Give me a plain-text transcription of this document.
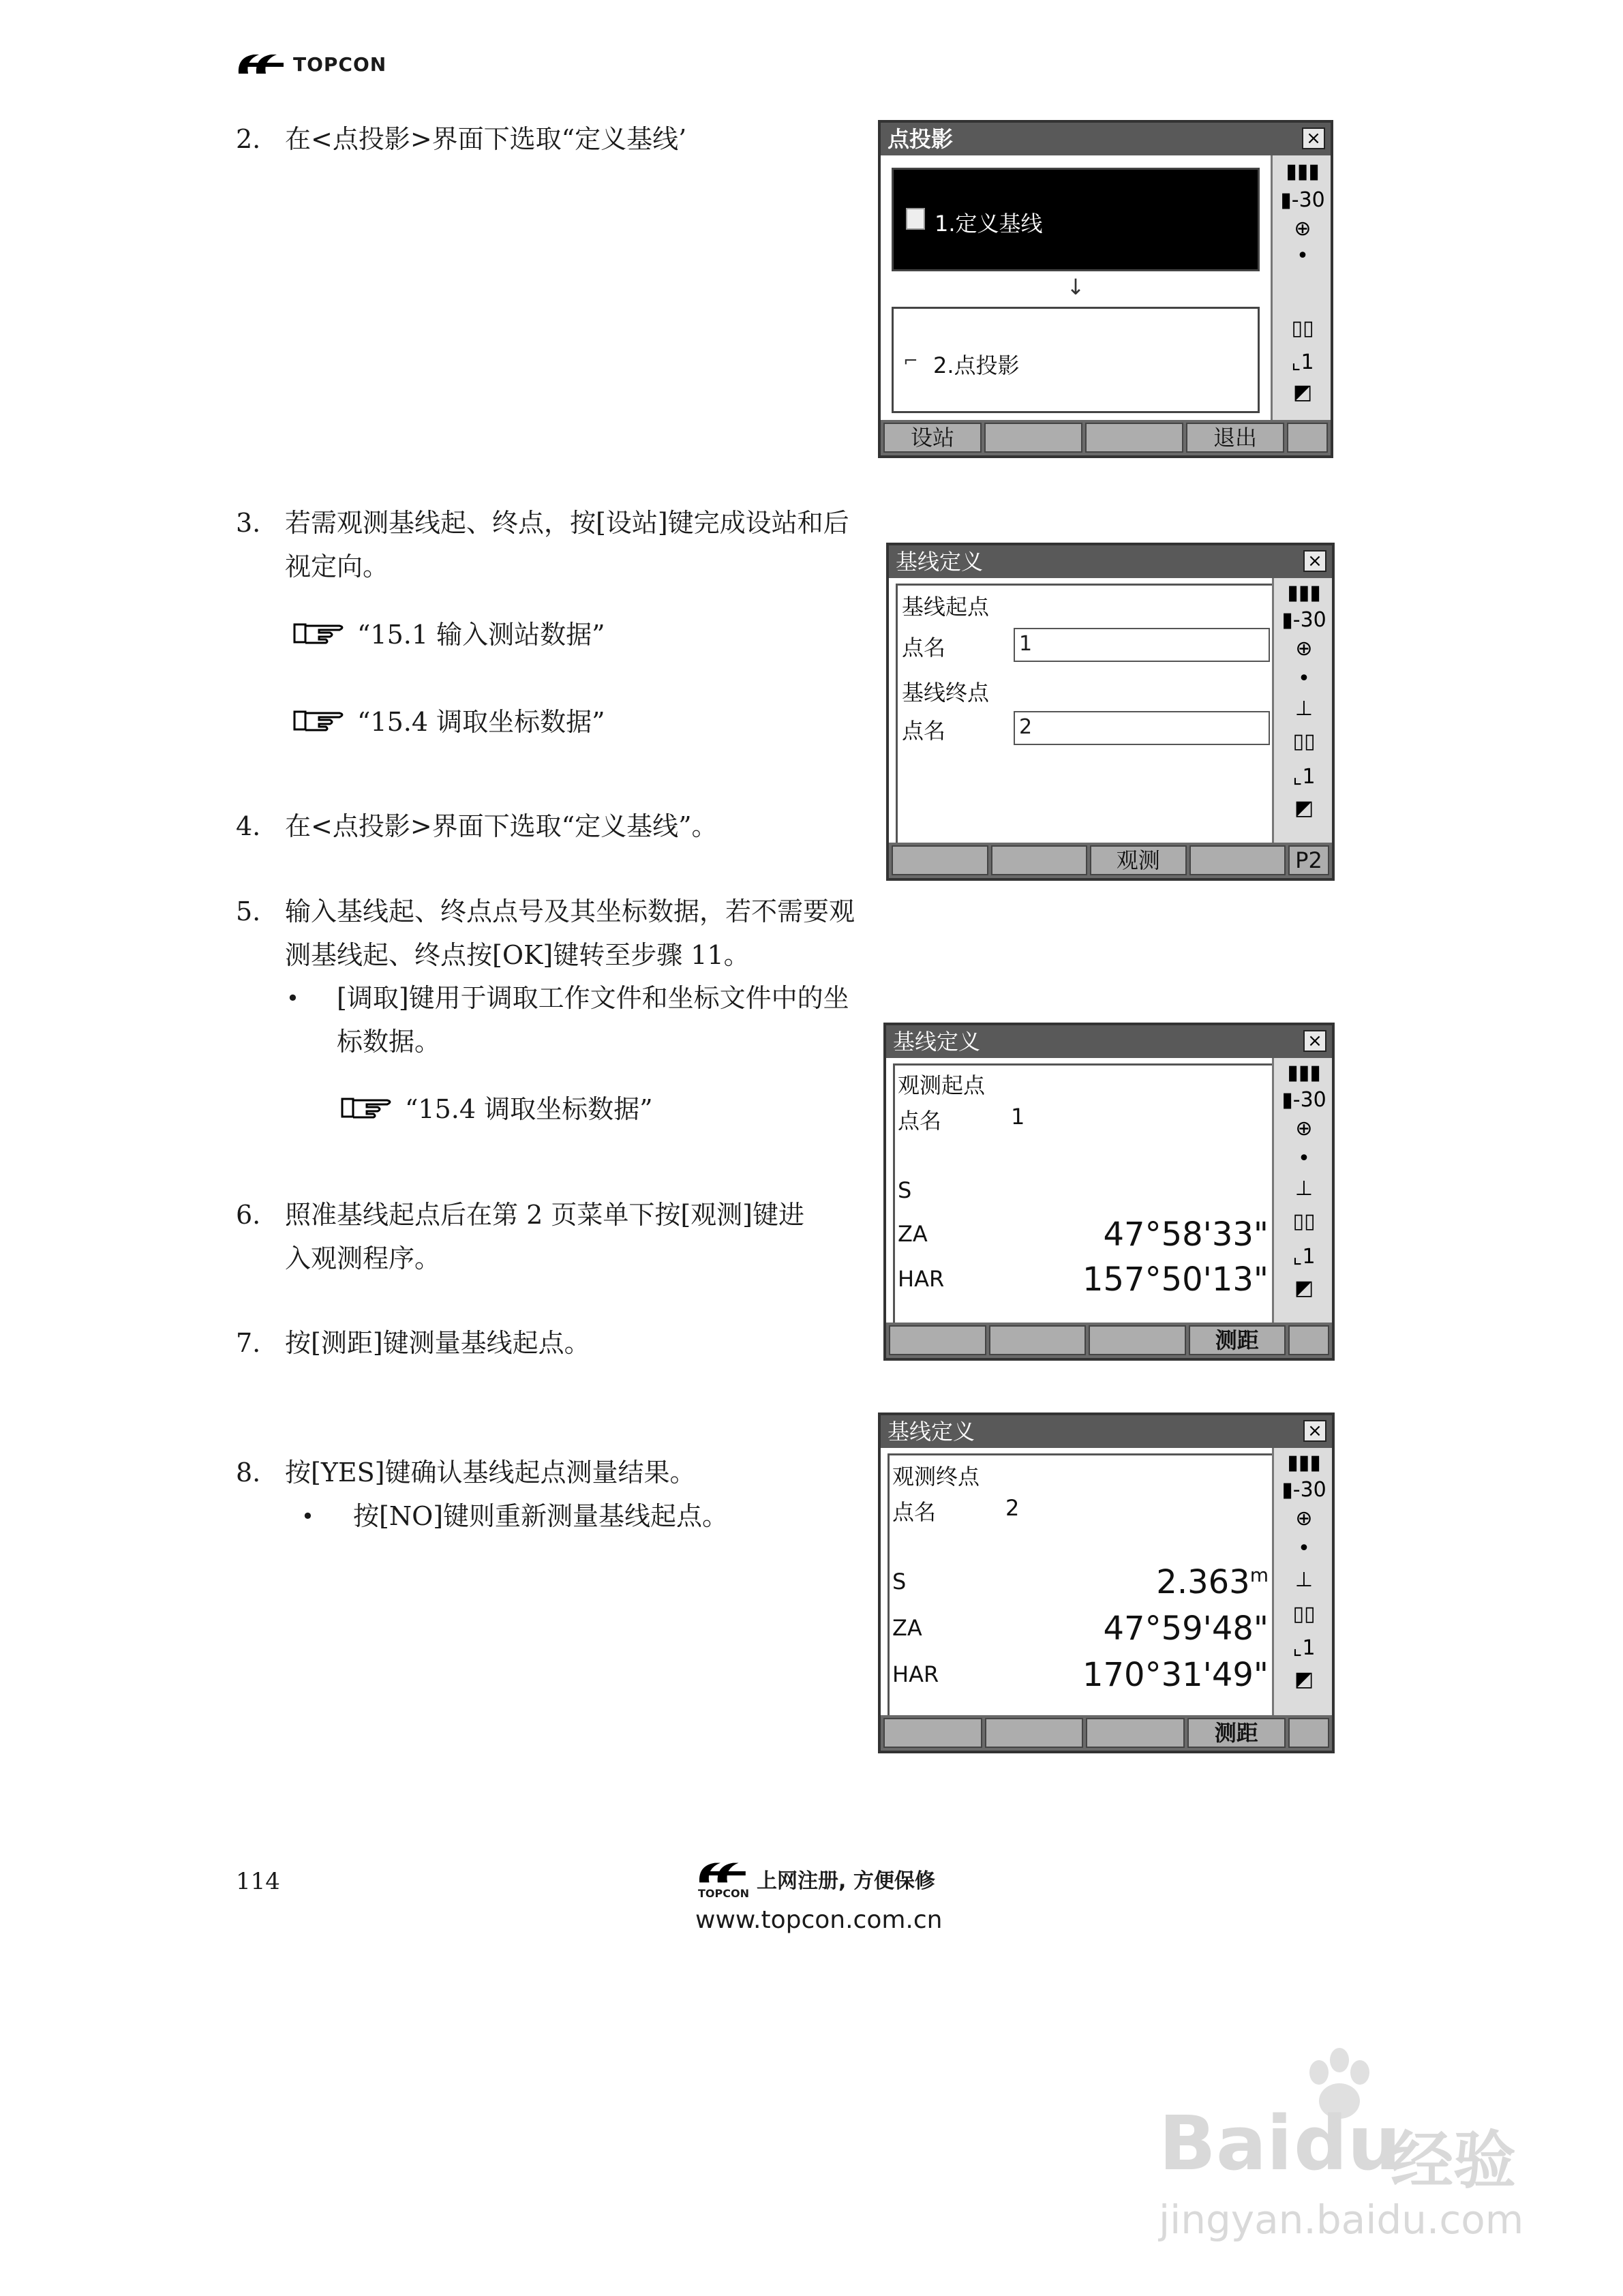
TOPCON
2. 在<点投影>界面下选取“定义基线’
3. 若需观测基线起、终点，按[设站]键完成设站和后
视定向。
“15.1 输入测站数据”
“15.4 调取坐标数据”
4. 在<点投影>界面下选取“定义基线”。
5. 输入基线起、终点点号及其坐标数据，若不需要观
测基线起、终点按[OK]键转至步骤 11。
• [调取]键用于调取工作文件和坐标文件中的坐
标数据。
“15.4 调取坐标数据”
6. 照准基线起点后在第 2 页菜单下按[观测]键进
入观测程序。
7. 按[测距]键测量基线起点。
8. 按[YES]键确认基线起点测量结果。
• 按[NO]键则重新测量基线起点。
点投影	×
1.定义基线
↓
⌐ 2.点投影
▮▮▮
▮-30
⊕
•
▯▯
⌞1
◩
设站	退出
基线定义	×
基线起点
点名	1
基线终点
点名	2
▮▮▮
▮-30
⊕
•
⊥
▯▯
⌞1
◩
观测	P2
基线定义	×
观测起点
点名	1
S
ZA	47°58'33"
HAR	157°50'13"
▮▮▮
▮-30
⊕
•
⊥
▯▯
⌞1
◩
测距
基线定义	×
观测终点
点名	2
S	2.363$^m$
ZA	47°59'48"
HAR	170°31'49"
▮▮▮
▮-30
⊕
•
⊥
▯▯
⌞1
◩
测距
114	TOPCON
上网注册, 方便保修
www.topcon.com.cn
Bai du
经验
jingyan.baidu.com
